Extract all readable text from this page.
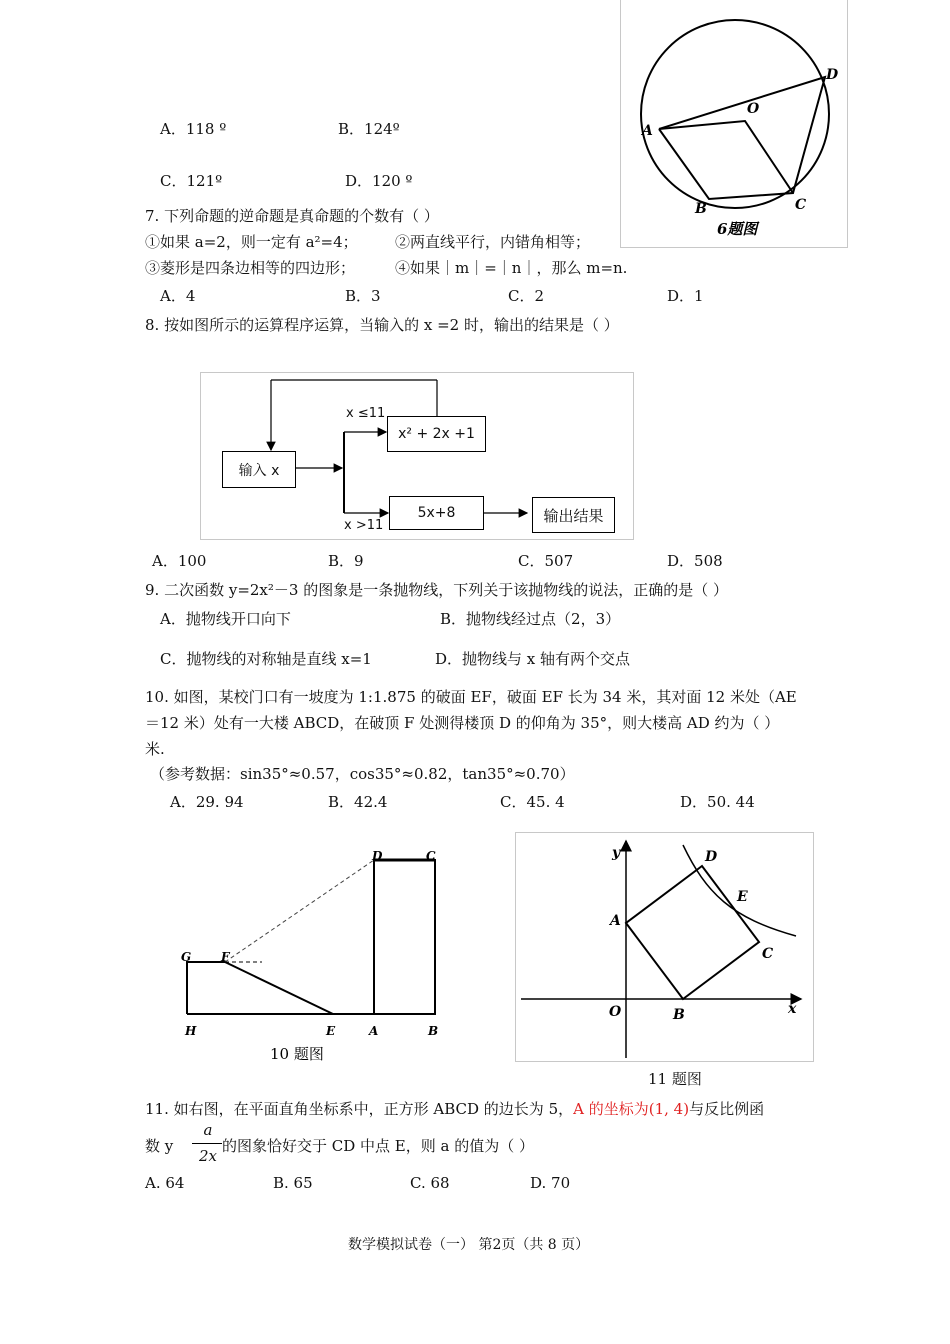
A．118 º	B．124º
C．121º	D．120 º
A
B	C
D
O
6题图
7. 下列命题的逆命题是真命题的个数有（ ）
①如果 a=2，则一定有 a²=4； ②两直线平行，内错角相等；
③菱形是四条边相等的四边形；	④如果｜m｜=｜n｜，那么 m=n.
A．4	B．3	C．2	D．1
8. 按如图所示的运算程序运算，当输入的 x =2 时，输出的结果是（ ）
输入 x
x² + 2x +1
5x+8	输出结果
x ≤11
x >11
A．100	B．9	C．507	D．508
9. 二次函数 y=2x²－3 的图象是一条抛物线，下列关于该抛物线的说法，正确的是（ ）
A．抛物线开口向下	B．抛物线经过点（2，3）
C．抛物线的对称轴是直线 x=1	D．抛物线与 x 轴有两个交点
10. 如图，某校门口有一坡度为 1:1.875 的破面 EF，破面 EF 长为 34 米，其对面 12 米处（AE
＝12 米）处有一大楼 ABCD，在破顶 F 处测得楼顶 D 的仰角为 35°，则大楼高 AD 约为（ ）
米.
（参考数据：sin35°≈0.57，cos35°≈0.82，tan35°≈0.70）
A．29. 94	B．42.4	C．45. 4	D．50. 44
G F
H	E	A	B
D	C
10 题图
y
x
O
A
B
C
D
E
11 题图
11. 如右图，在平面直角坐标系中，正方形 ABCD 的边长为 5，A 的坐标为(1, 4)与反比例函
数 y
a
2x
的图象恰好交于 CD 中点 E，则 a 的值为（ ）
A. 64	B. 65	C. 68	D. 70
数学模拟试卷（一） 第2页（共 8 页）
